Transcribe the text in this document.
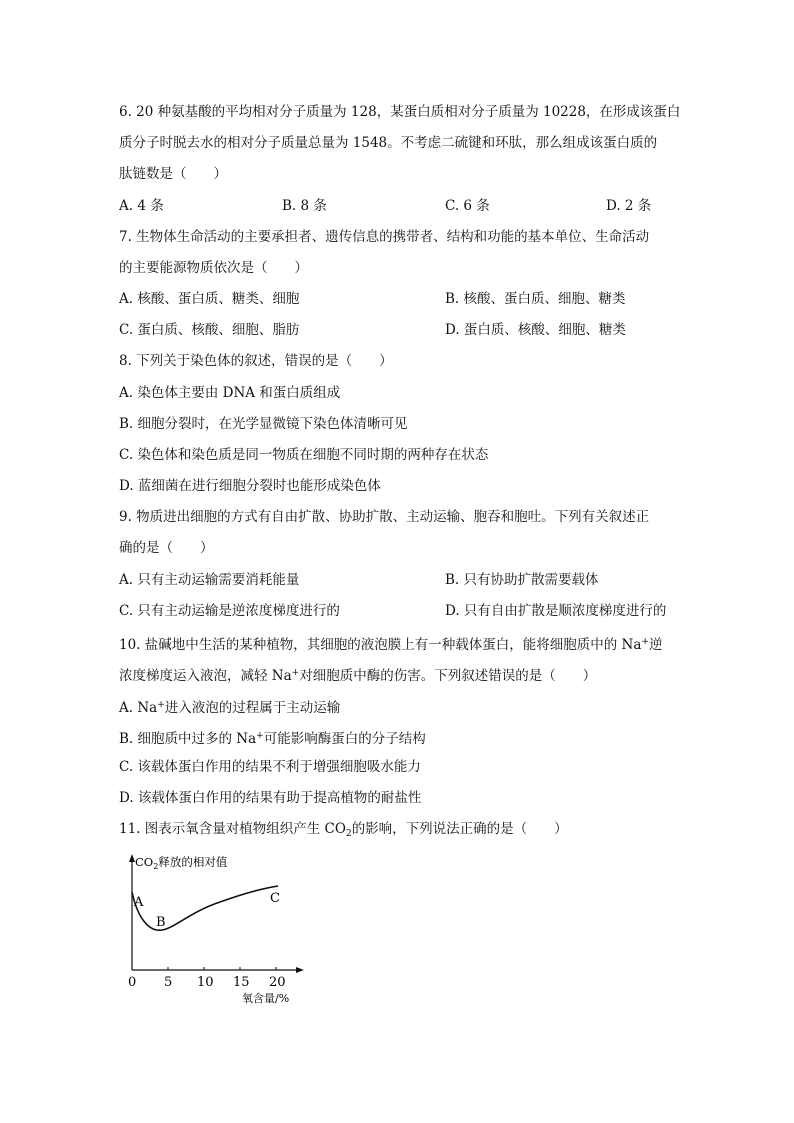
6. 20 种氨基酸的平均相对分子质量为 128，某蛋白质相对分子质量为 10228，在形成该蛋白
质分子时脱去水的相对分子质量总量为 1548。不考虑二硫键和环肽，那么组成该蛋白质的
肽链数是（　　）
A. 4 条	B. 8 条	C. 6 条	D. 2 条
7. 生物体生命活动的主要承担者、遗传信息的携带者、结构和功能的基本单位、生命活动
的主要能源物质依次是（　　）
A. 核酸、蛋白质、糖类、细胞	B. 核酸、蛋白质、细胞、糖类
C. 蛋白质、核酸、细胞、脂肪	D. 蛋白质、核酸、细胞、糖类
8. 下列关于染色体的叙述，错误的是（　　）
A. 染色体主要由 DNA 和蛋白质组成
B. 细胞分裂时，在光学显微镜下染色体清晰可见
C. 染色体和染色质是同一物质在细胞不同时期的两种存在状态
D. 蓝细菌在进行细胞分裂时也能形成染色体
9. 物质进出细胞的方式有自由扩散、协助扩散、主动运输、胞吞和胞吐。下列有关叙述正
确的是（　　）
A. 只有主动运输需要消耗能量	B. 只有协助扩散需要载体
C. 只有主动运输是逆浓度梯度进行的	D. 只有自由扩散是顺浓度梯度进行的
10. 盐碱地中生活的某种植物，其细胞的液泡膜上有一种载体蛋白，能将细胞质中的 Na+逆
浓度梯度运入液泡，减轻 Na+对细胞质中酶的伤害。下列叙述错误的是（　　）
A. Na+进入液泡的过程属于主动运输
B. 细胞质中过多的 Na+可能影响酶蛋白的分子结构
C. 该载体蛋白作用的结果不利于增强细胞吸水能力
D. 该载体蛋白作用的结果有助于提高植物的耐盐性
11. 图表示氧含量对植物组织产生 $CO_2$的影响，下列说法正确的是（　　）
$CO_2$释放的相对值
A
B
C
0 5 10 15 20
氧含量/%
